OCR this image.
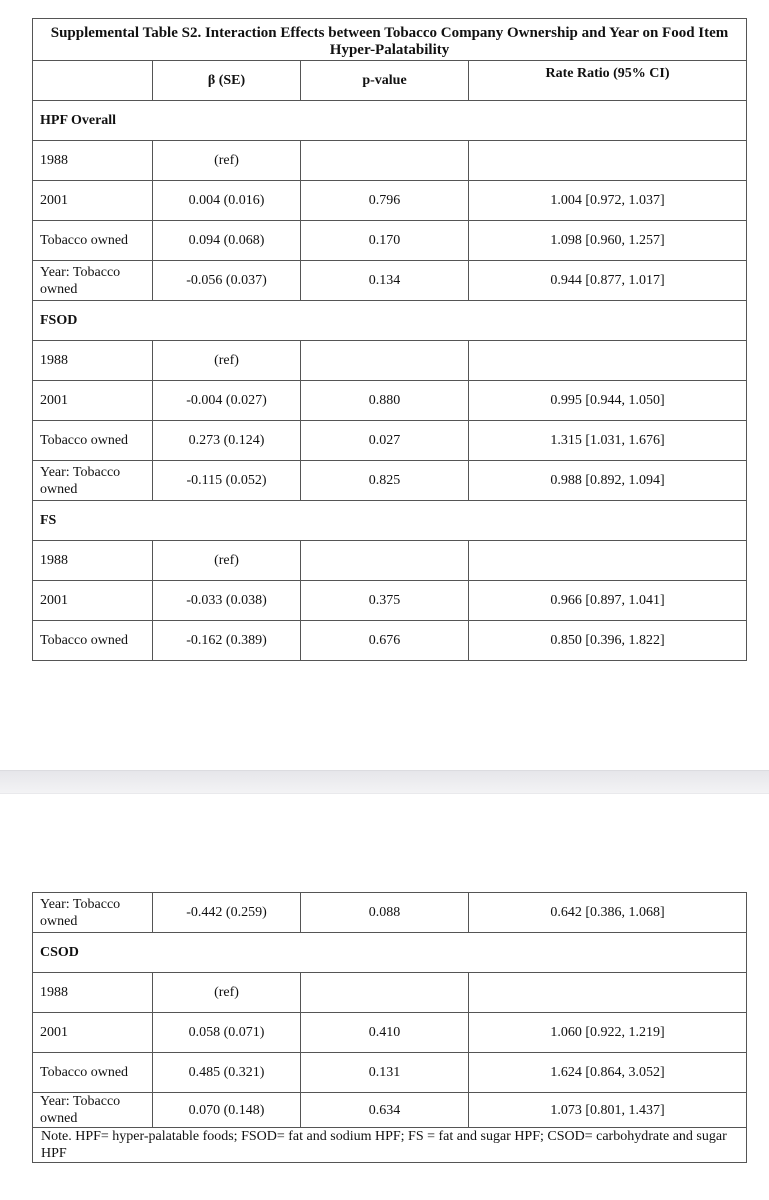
Supplemental Table S2. Interaction Effects between Tobacco Company Ownership and Year on Food Item Hyper-Palatability			
	β (SE)	p-value	Rate Ratio (95% CI)
HPF Overall			
1988	(ref)		
2001	0.004 (0.016)	0.796	1.004 [0.972, 1.037]
Tobacco owned	0.094 (0.068)	0.170	1.098 [0.960, 1.257]
Year: Tobacco owned	-0.056 (0.037)	0.134	0.944 [0.877, 1.017]
FSOD			
1988	(ref)		
2001	-0.004 (0.027)	0.880	0.995 [0.944, 1.050]
Tobacco owned	0.273 (0.124)	0.027	1.315 [1.031, 1.676]
Year: Tobacco owned	-0.115 (0.052)	0.825	0.988 [0.892, 1.094]
FS			
1988	(ref)		
2001	-0.033 (0.038)	0.375	0.966 [0.897, 1.041]
Tobacco owned	-0.162 (0.389)	0.676	0.850 [0.396, 1.822]
Year: Tobacco owned	-0.442 (0.259)	0.088	0.642 [0.386, 1.068]
CSOD			
1988	(ref)		
2001	0.058 (0.071)	0.410	1.060 [0.922, 1.219]
Tobacco owned	0.485 (0.321)	0.131	1.624 [0.864, 3.052]
Year: Tobacco owned	0.070 (0.148)	0.634	1.073 [0.801, 1.437]
Note. HPF= hyper-palatable foods; FSOD= fat and sodium HPF; FS = fat and sugar HPF; CSOD= carbohydrate and sugar HPF			
